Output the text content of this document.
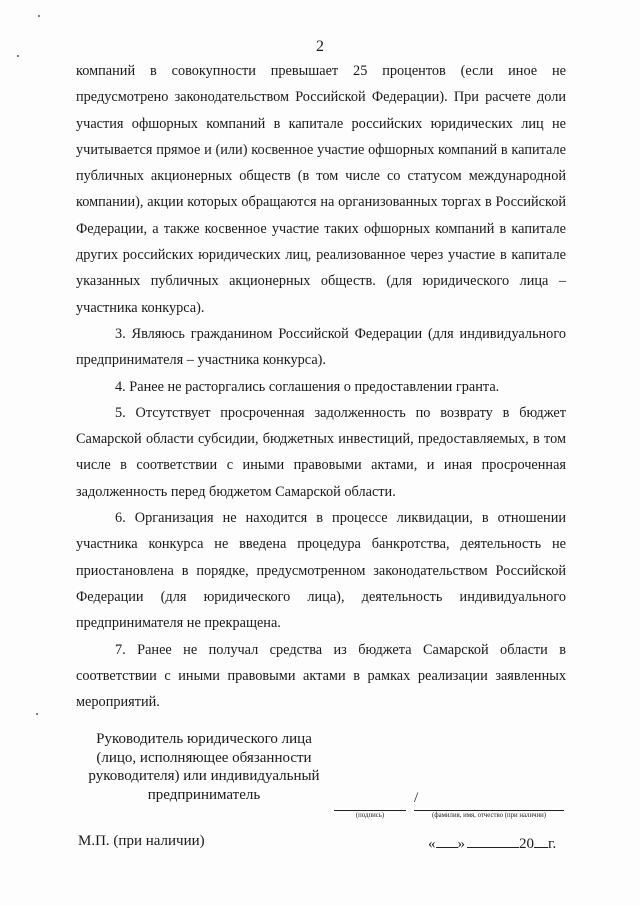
2

компаний в совокупности превышает 25 процентов (если иное не предусмотрено законодательством Российской Федерации). При расчете доли участия офшорных компаний в капитале российских юридических лиц не учитывается прямое и (или) косвенное участие офшорных компаний в капитале публичных акционерных обществ (в том числе со статусом международной компании), акции которых обращаются на организованных торгах в Российской Федерации, а также косвенное участие таких офшорных компаний в капитале других российских юридических лиц, реализованное через участие в капитале указанных публичных акционерных обществ. (для юридического лица – участника конкурса).

3. Являюсь гражданином Российской Федерации (для индивидуального предпринимателя – участника конкурса).

4. Ранее не расторгались соглашения о предоставлении гранта.

5. Отсутствует просроченная задолженность по возврату в бюджет Самарской области субсидии, бюджетных инвестиций, предоставляемых, в том числе в соответствии с иными правовыми актами, и иная просроченная задолженность перед бюджетом Самарской области.

6. Организация не находится в процессе ликвидации, в отношении участника конкурса не введена процедура банкротства, деятельность не приостановлена в порядке, предусмотренном законодательством Российской Федерации (для юридического лица), деятельность индивидуального предпринимателя не прекращена.

7. Ранее не получал средства из бюджета Самарской области в соответствии с иными правовыми актами в рамках реализации заявленных мероприятий.

Руководитель юридического лица (лицо, исполняющее обязанности руководителя) или индивидуальный предприниматель	/
(подпись)	(фамилия, имя, отчество (при наличии)
М.П. (при наличии)	« »	20 г.
